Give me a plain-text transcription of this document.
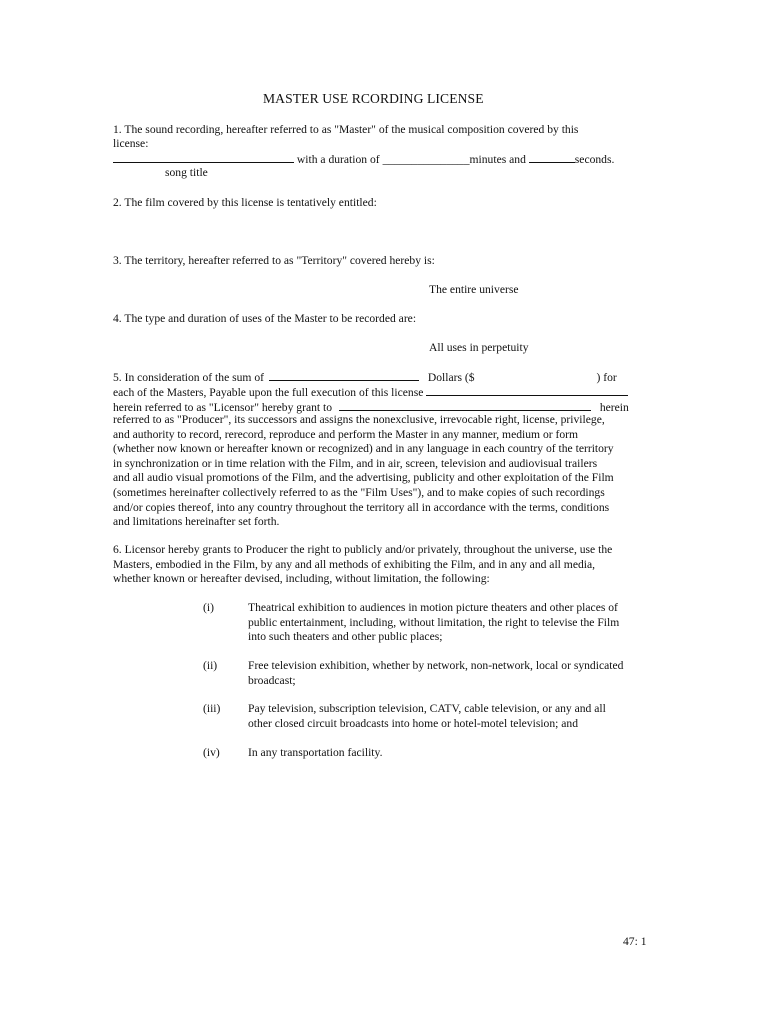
MASTER USE RCORDING LICENSE
1. The sound recording, hereafter referred to as "Master" of the musical composition covered by this
license:
with a duration of _______________minutes and	seconds.
song title
2. The film covered by this license is tentatively entitled:
3. The territory, hereafter referred to as "Territory" covered hereby is:
The entire universe
4. The type and duration of uses of the Master to be recorded are:
All uses in perpetuity
5. In consideration of the sum of	Dollars ($	) for
each of the Masters, Payable upon the full execution of this license
herein referred to as "Licensor" hereby grant to	herein
referred to as "Producer", its successors and assigns the nonexclusive, irrevocable right, license, privilege,
and authority to record, rerecord, reproduce and perform the Master in any manner, medium or form
(whether now known or hereafter known or recognized) and in any language in each country of the territory
in synchronization or in time relation with the Film, and in air, screen, television and audiovisual trailers
and all audio visual promotions of the Film, and the advertising, publicity and other exploitation of the Film
(sometimes hereinafter collectively referred to as the "Film Uses"), and to make copies of such recordings
and/or copies thereof, into any country throughout the territory all in accordance with the terms, conditions
and limitations hereinafter set forth.
6. Licensor hereby grants to Producer the right to publicly and/or privately, throughout the universe, use the
Masters, embodied in the Film, by any and all methods of exhibiting the Film, and in any and all media,
whether known or hereafter devised, including, without limitation, the following:
(i)	Theatrical exhibition to audiences in motion picture theaters and other places of
public entertainment, including, without limitation, the right to televise the Film
into such theaters and other public places;
(ii)	Free television exhibition, whether by network, non-network, local or syndicated
broadcast;
(iii) Pay television, subscription television, CATV, cable television, or any and all
other closed circuit broadcasts into home or hotel-motel television; and
(iv) In any transportation facility.
47: 1
